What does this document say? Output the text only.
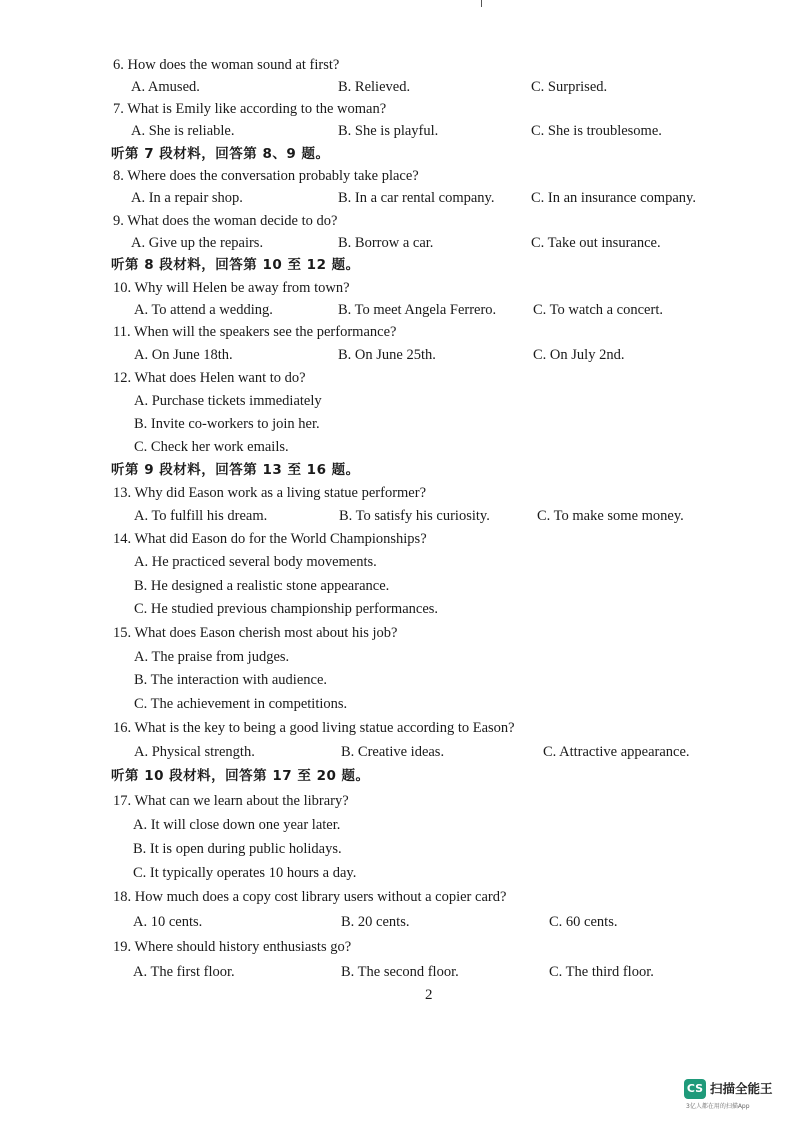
6. How does the woman sound at first?
A. Amused.	B. Relieved.	C. Surprised.
7. What is Emily like according to the woman?
A. She is reliable.	B. She is playful.	C. She is troublesome.
听第 7 段材料，回答第 8、9 题。
8. Where does the conversation probably take place?
A. In a repair shop.	B. In a car rental company.	C. In an insurance company.
9. What does the woman decide to do?
A. Give up the repairs.	B. Borrow a car.	C. Take out insurance.
听第 8 段材料，回答第 10 至 12 题。
10. Why will Helen be away from town?
A. To attend a wedding.	B. To meet Angela Ferrero.	C. To watch a concert.
11. When will the speakers see the performance?
A. On June 18th.	B. On June 25th.	C. On July 2nd.
12. What does Helen want to do?
A. Purchase tickets immediately
B. Invite co-workers to join her.
C. Check her work emails.
听第 9 段材料，回答第 13 至 16 题。
13. Why did Eason work as a living statue performer?
A. To fulfill his dream.	B. To satisfy his curiosity.	C. To make some money.
14. What did Eason do for the World Championships?
A. He practiced several body movements.
B. He designed a realistic stone appearance.
C. He studied previous championship performances.
15. What does Eason cherish most about his job?
A. The praise from judges.
B. The interaction with audience.
C. The achievement in competitions.
16. What is the key to being a good living statue according to Eason?
A. Physical strength.	B. Creative ideas.	C. Attractive appearance.
听第 10 段材料，回答第 17 至 20 题。
17. What can we learn about the library?
A. It will close down one year later.
B. It is open during public holidays.
C. It typically operates 10 hours a day.
18. How much does a copy cost library users without a copier card?
A. 10 cents.	B. 20 cents.	C. 60 cents.
19. Where should history enthusiasts go?
A. The first floor.	B. The second floor.	C. The third floor.
2
CS 扫描全能王
3亿人都在用的扫描App
